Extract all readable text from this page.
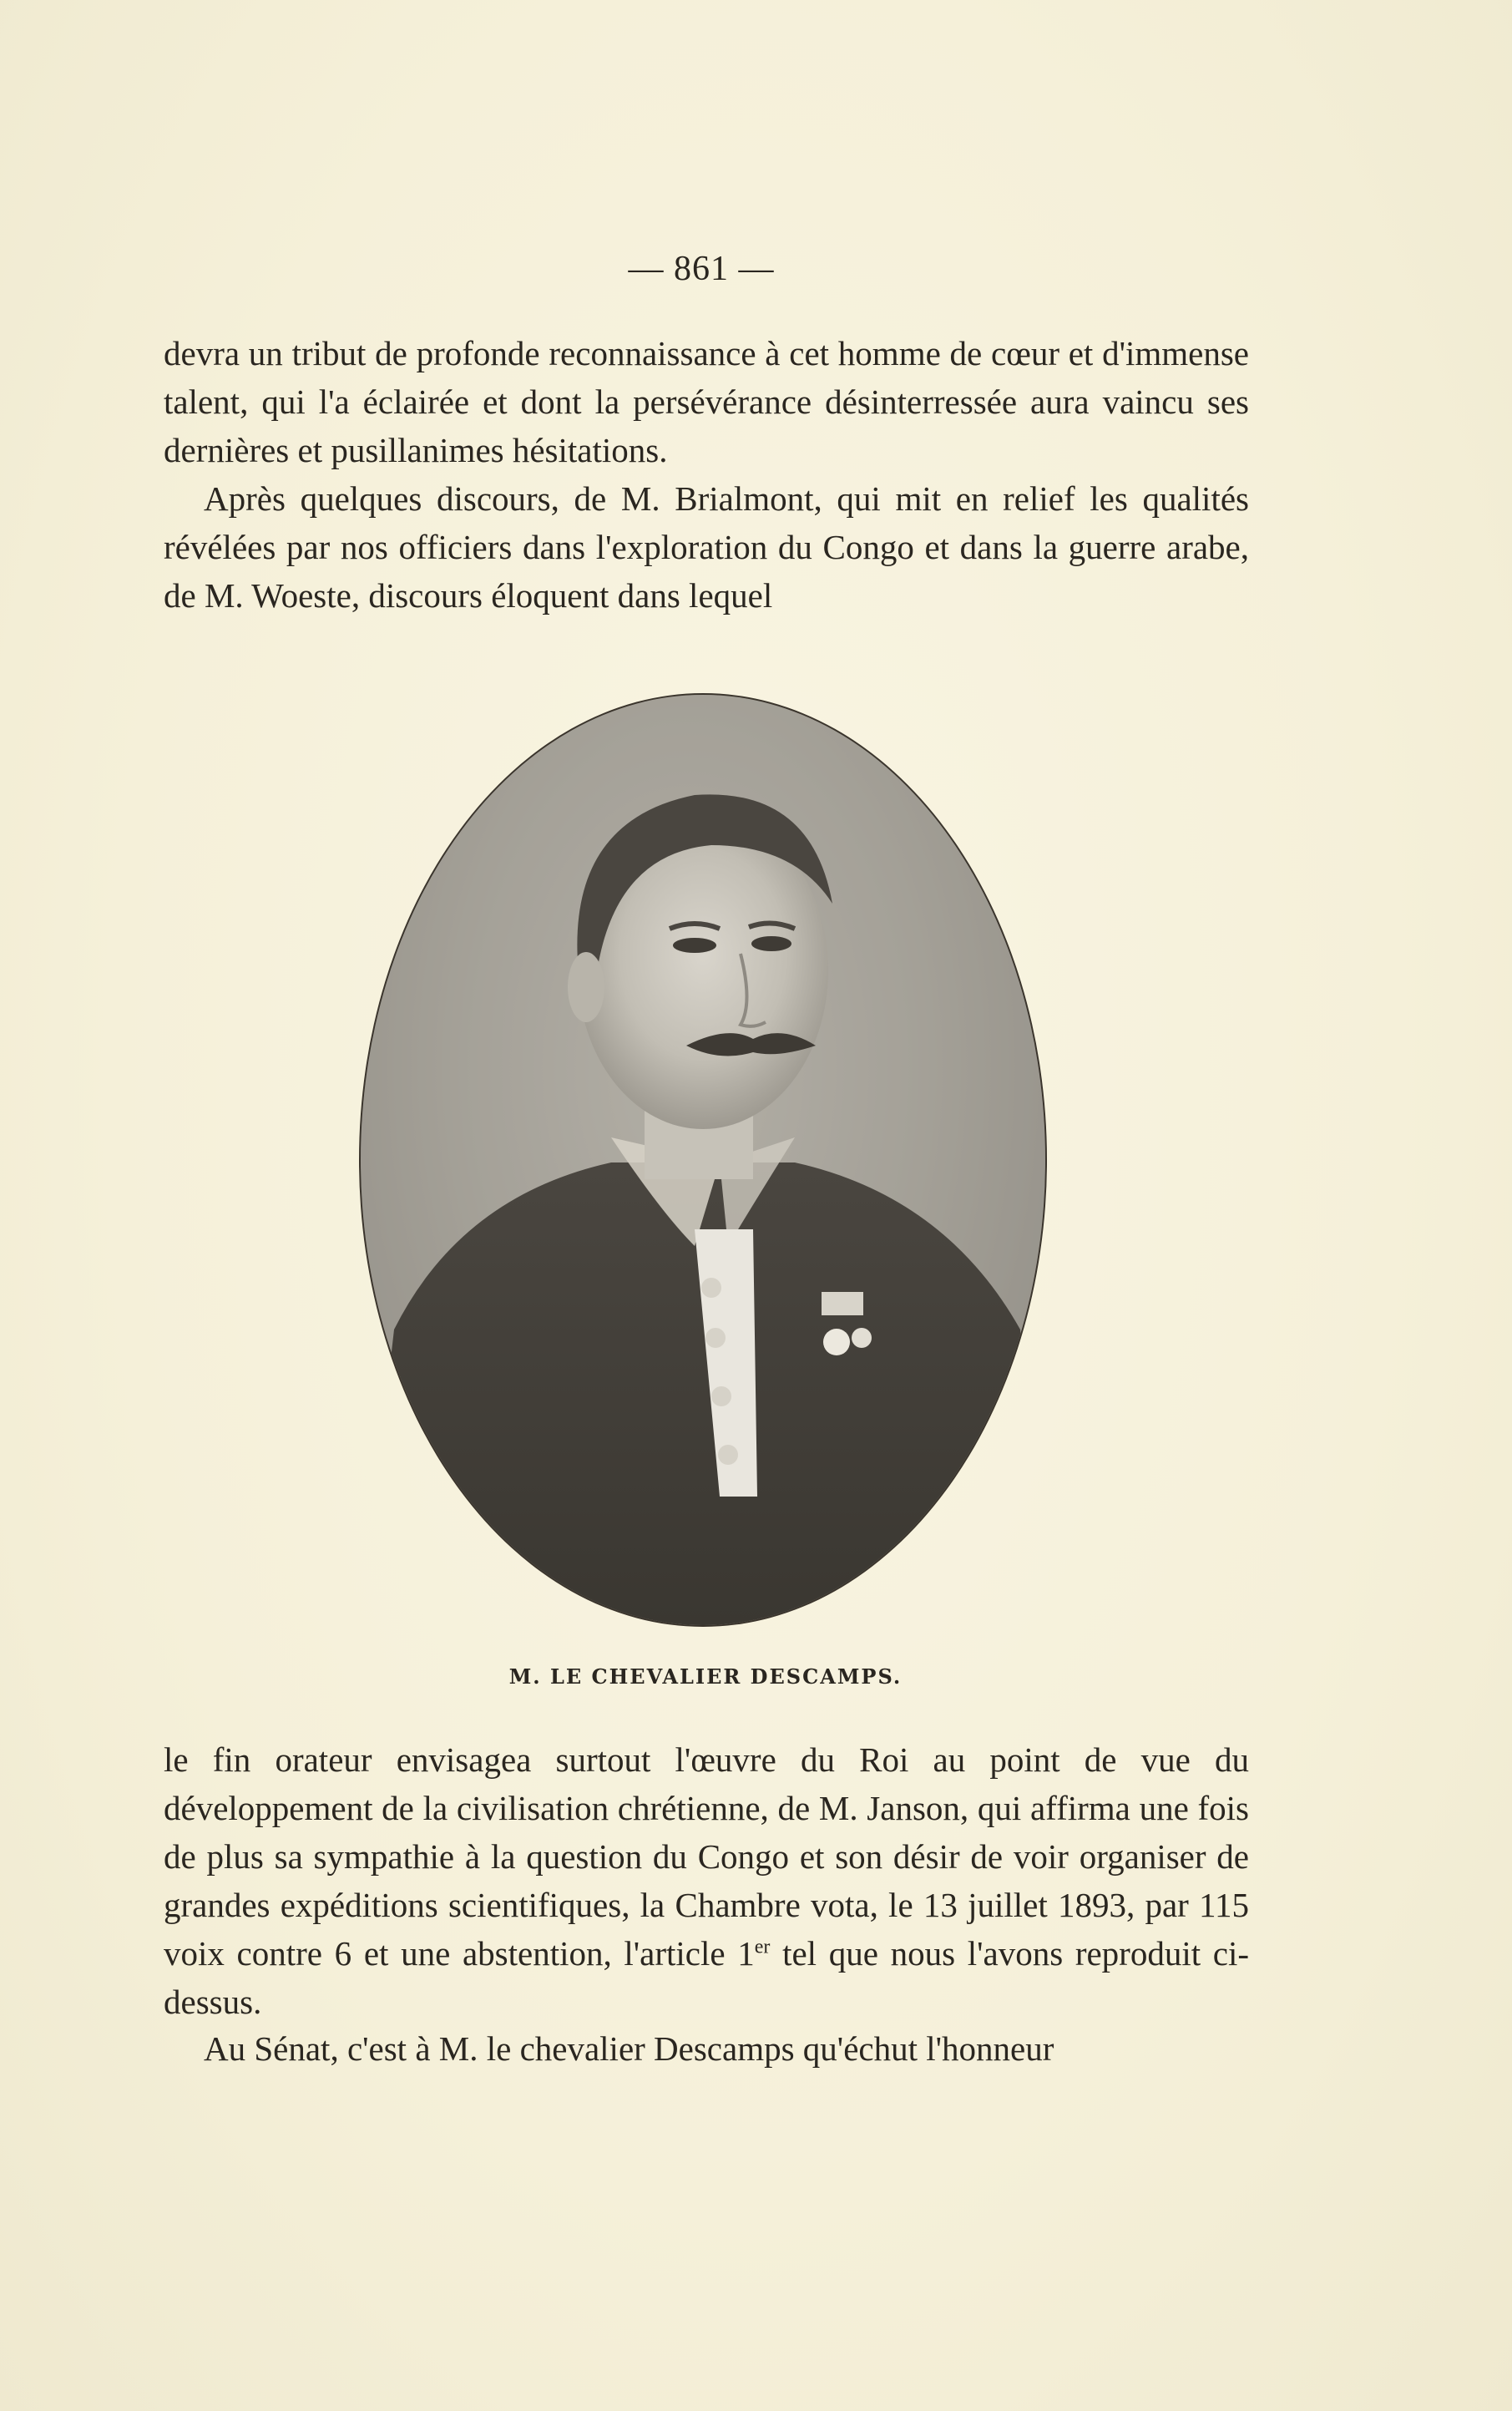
— 861 —

devra un tribut de profonde reconnaissance à cet homme de cœur et d'immense talent, qui l'a éclairée et dont la persévérance désinterressée aura vaincu ses dernières et pusillanimes hésitations.

Après quelques discours, de M. Brialmont, qui mit en relief les qualités révélées par nos officiers dans l'exploration du Congo et dans la guerre arabe, de M. Woeste, discours éloquent dans lequel

M. LE CHEVALIER DESCAMPS.

le fin orateur envisagea surtout l'œuvre du Roi au point de vue du développement de la civilisation chrétienne, de M. Janson, qui affirma une fois de plus sa sympathie à la question du Congo et son désir de voir organiser de grandes expéditions scientifiques, la Chambre vota, le 13 juillet 1893, par 115 voix contre 6 et une abstention, l'article 1er tel que nous l'avons reproduit ci-dessus.

Au Sénat, c'est à M. le chevalier Descamps qu'échut l'honneur
